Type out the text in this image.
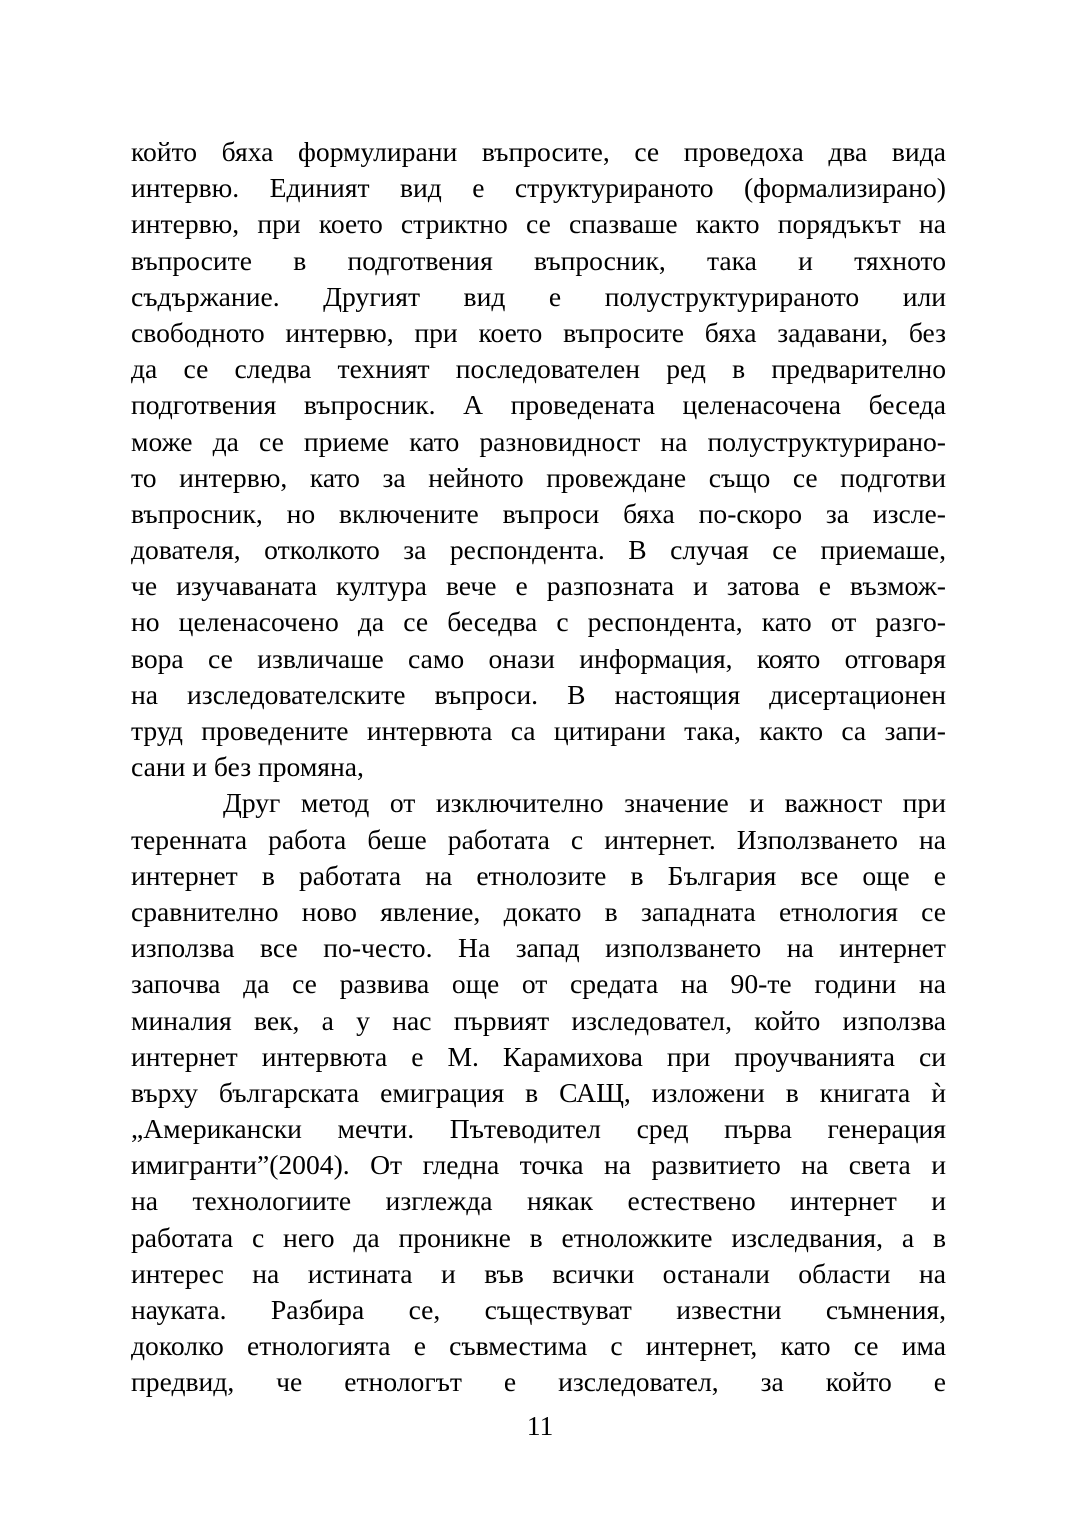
който бяха формулирани въпросите, се проведоха два вида
интервю. Единият вид е структурираното (формализирано)
интервю, при което стриктно се спазваше както порядъкът на
въпросите в подготвения въпросник, така и тяхното
съдържание. Другият вид е полуструктурираното или
свободното интервю, при което въпросите бяха задавани, без
да се следва техният последователен ред в предварително
подготвения въпросник. А проведената целенасочена беседа
може да се приеме като разновидност на полуструктурирано-
то интервю, като за нейното провеждане също се подготви
въпросник, но включените въпроси бяха по-скоро за изсле-
дователя, отколкото за респондента. В случая се приемаше,
че изучаваната култура вече е разпозната и затова е възмож-
но целенасочено да се беседва с респондента, като от разго-
вора се извличаше само онази информация, която отговаря
на изследователските въпроси. В настоящия дисертационен
труд проведените интервюта са цитирани така, както са запи-
сани и без промяна,
Друг метод от изключително значение и важност при
теренната работа беше работата с интернет. Използването на
интернет в работата на етнолозите в България все още е
сравнително ново явление, докато в западната етнология се
използва все по-често. На запад използването на интернет
започва да се развива още от средата на 90-те години на
миналия век, а у нас първият изследовател, който използва
интернет интервюта е М. Карамихова при проучванията си
върху българската емиграция в САЩ, изложени в книгата ѝ
„Американски мечти. Пътеводител сред първа генерация
имигранти”(2004). От гледна точка на развитието на света и
на технологиите изглежда някак естествено интернет и
работата с него да проникне в етноложките изследвания, а в
интерес на истината и във всички останали области на
науката. Разбира се, съществуват известни съмнения,
доколко етнологията е съвместима с интернет, като се има
предвид, че етнологът е изследовател, за който е
11
